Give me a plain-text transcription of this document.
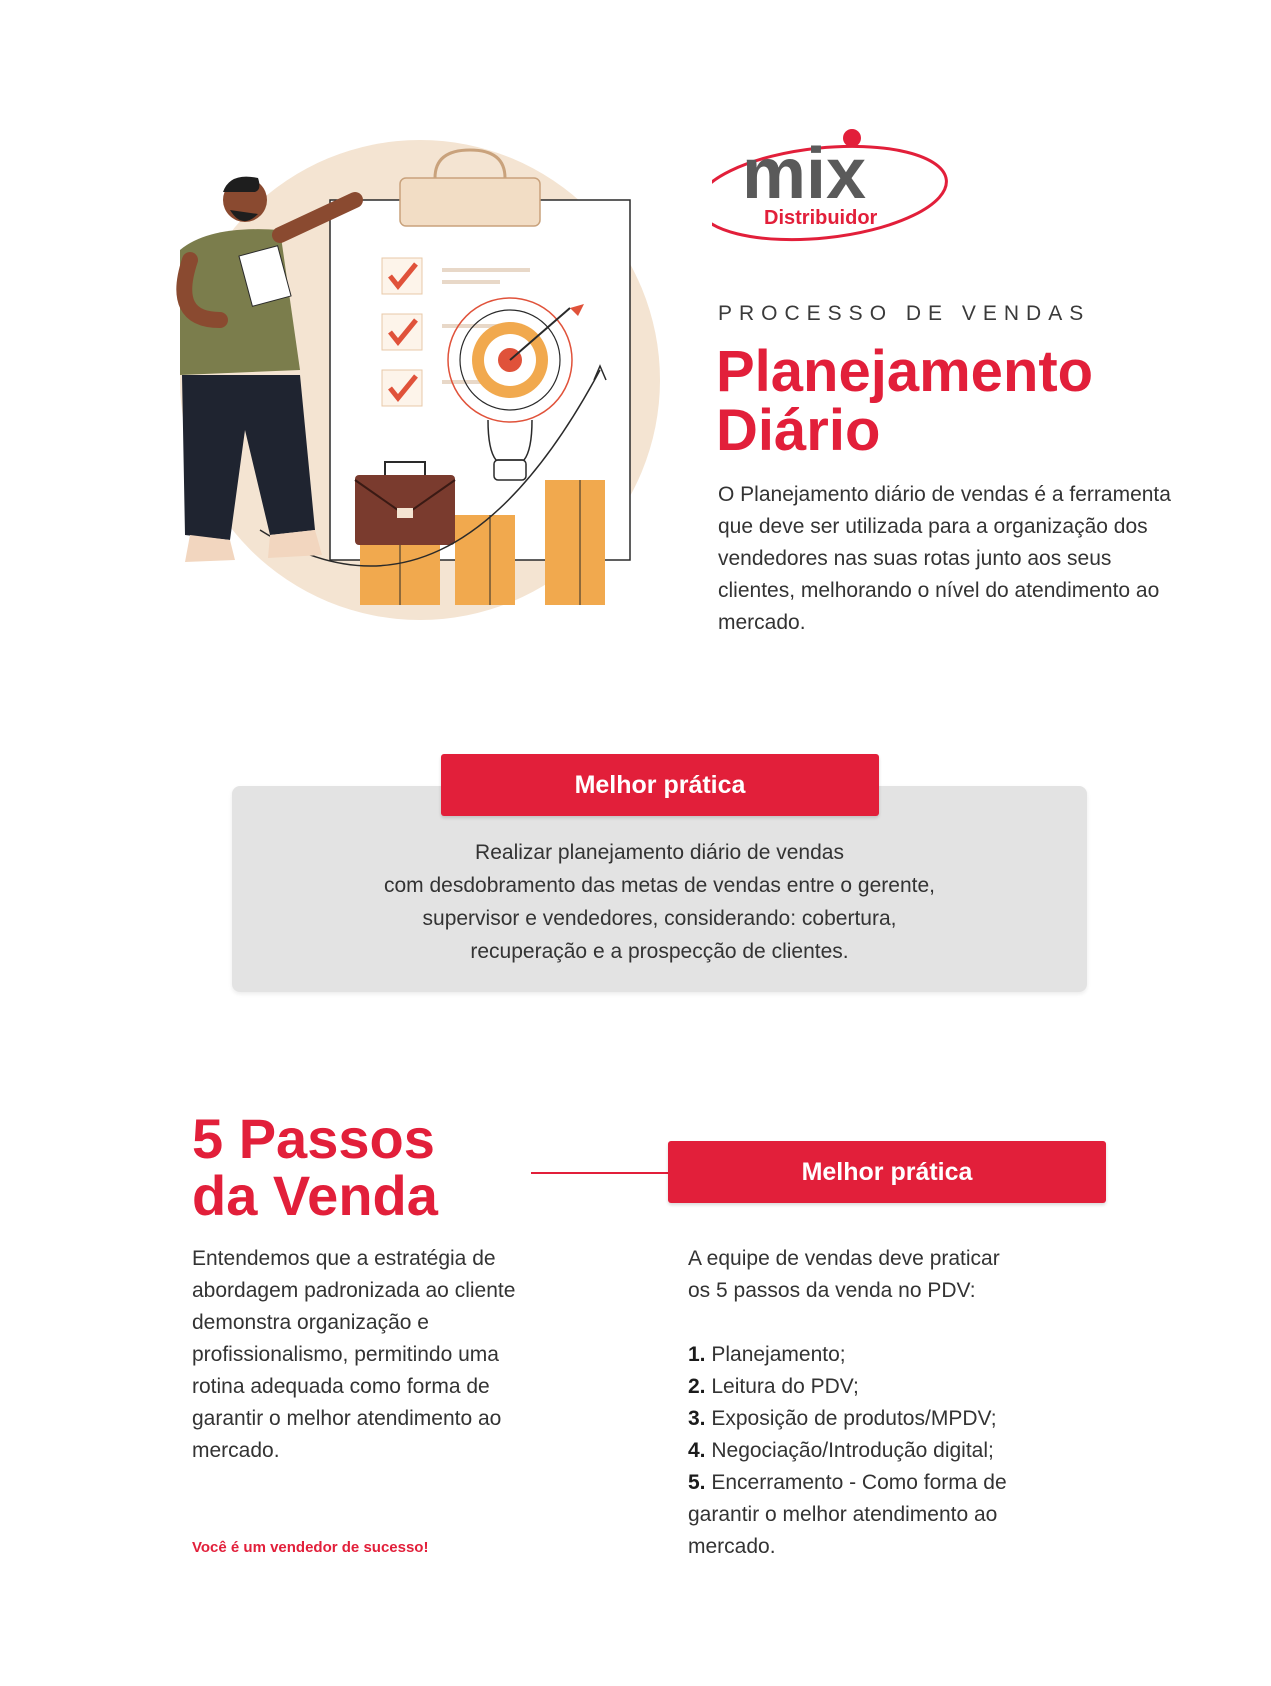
mix
Distribuidor
PROCESSO DE VENDAS
Planejamento
Diário

O Planejamento diário de vendas é a ferramenta que deve ser utilizada para a organização dos vendedores nas suas rotas junto aos seus clientes, melhorando o nível do atendimento ao mercado.

Melhor prática
Realizar planejamento diário de vendas
com desdobramento das metas de vendas entre o gerente,
supervisor e vendedores, considerando: cobertura,
recuperação e a prospecção de clientes.
5 Passos
da Venda

Entendemos que a estratégia de abordagem padronizada ao cliente demonstra organização e profissionalismo, permitindo uma rotina adequada como forma de garantir o melhor atendimento ao mercado.

Você é um vendedor de sucesso!
Melhor prática
A equipe de vendas deve praticar
os 5 passos da venda no PDV:
1. Planejamento;
2. Leitura do PDV;
3. Exposição de produtos/MPDV;
4. Negociação/Introdução digital;
5. Encerramento - Como forma de garantir o melhor atendimento ao mercado.
